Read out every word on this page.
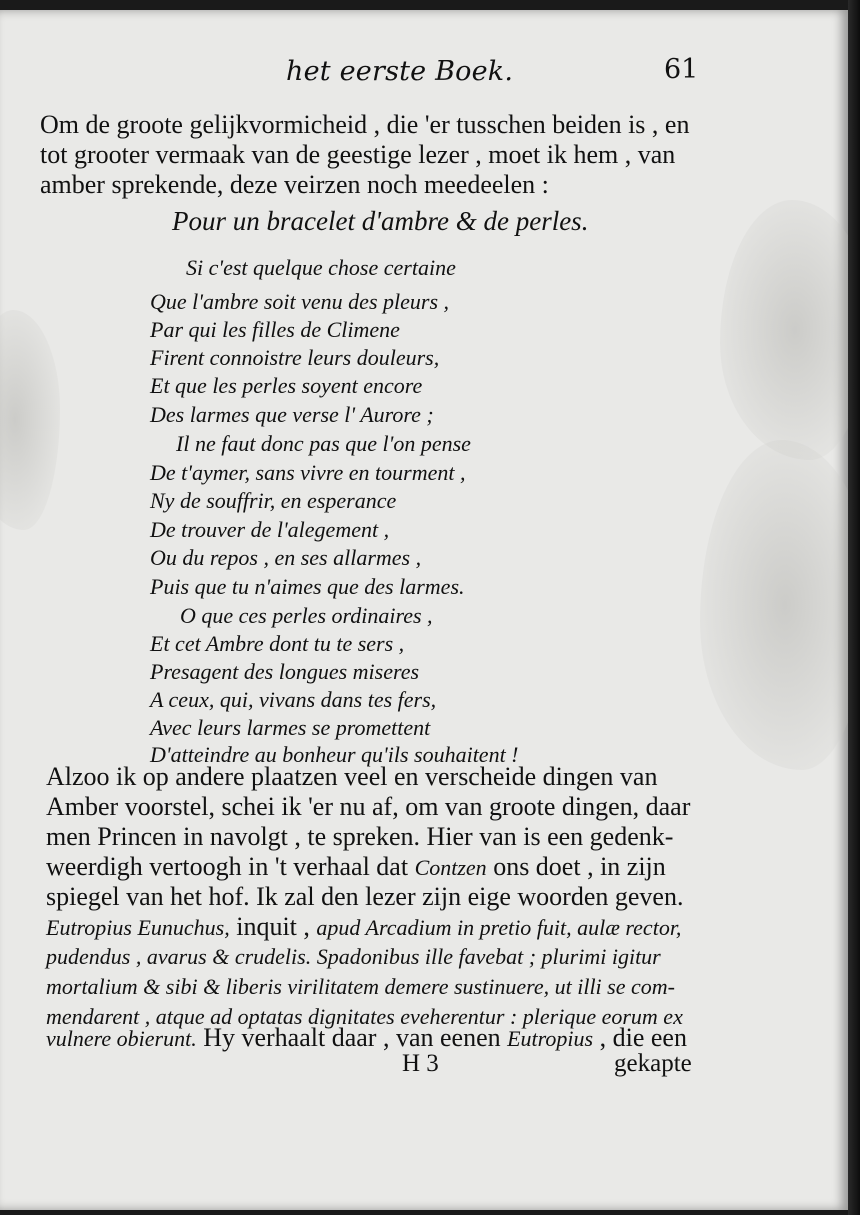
het eerste Boek.	61
Om de groote gelijkvormicheid , die 'er tusschen beiden is , en
tot grooter vermaak van de geestige lezer , moet ik hem , van
amber sprekende, deze veirzen noch meedeelen :
Pour un bracelet d'ambre & de perles.
Si c'est quelque chose certaine
Que l'ambre soit venu des pleurs ,
Par qui les filles de Climene
Firent connoistre leurs douleurs,
Et que les perles soyent encore
Des larmes que verse l' Aurore ;
Il ne faut donc pas que l'on pense
De t'aymer, sans vivre en tourment ,
Ny de souffrir, en esperance
De trouver de l'alegement ,
Ou du repos , en ses allarmes ,
Puis que tu n'aimes que des larmes.
O que ces perles ordinaires ,
Et cet Ambre dont tu te sers ,
Presagent des longues miseres
A ceux, qui, vivans dans tes fers,
Avec leurs larmes se promettent
D'atteindre au bonheur qu'ils souhaitent !
Alzoo ik op andere plaatzen veel en verscheide dingen van
Amber voorstel, schei ik 'er nu af, om van groote dingen, daar
men Princen in navolgt , te spreken. Hier van is een gedenk-
weerdigh vertoogh in 't verhaal dat Contzen ons doet , in zijn
spiegel van het hof. Ik zal den lezer zijn eige woorden geven.
Eutropius Eunuchus, inquit , apud Arcadium in pretio fuit, aulæ rector,
pudendus , avarus & crudelis. Spadonibus ille favebat ; plurimi igitur
mortalium & sibi & liberis virilitatem demere sustinuere, ut illi se com-
mendarent , atque ad optatas dignitates eveherentur : plerique eorum ex
vulnere obierunt. Hy verhaalt daar , van eenen Eutropius , die een
H 3	gekapte
